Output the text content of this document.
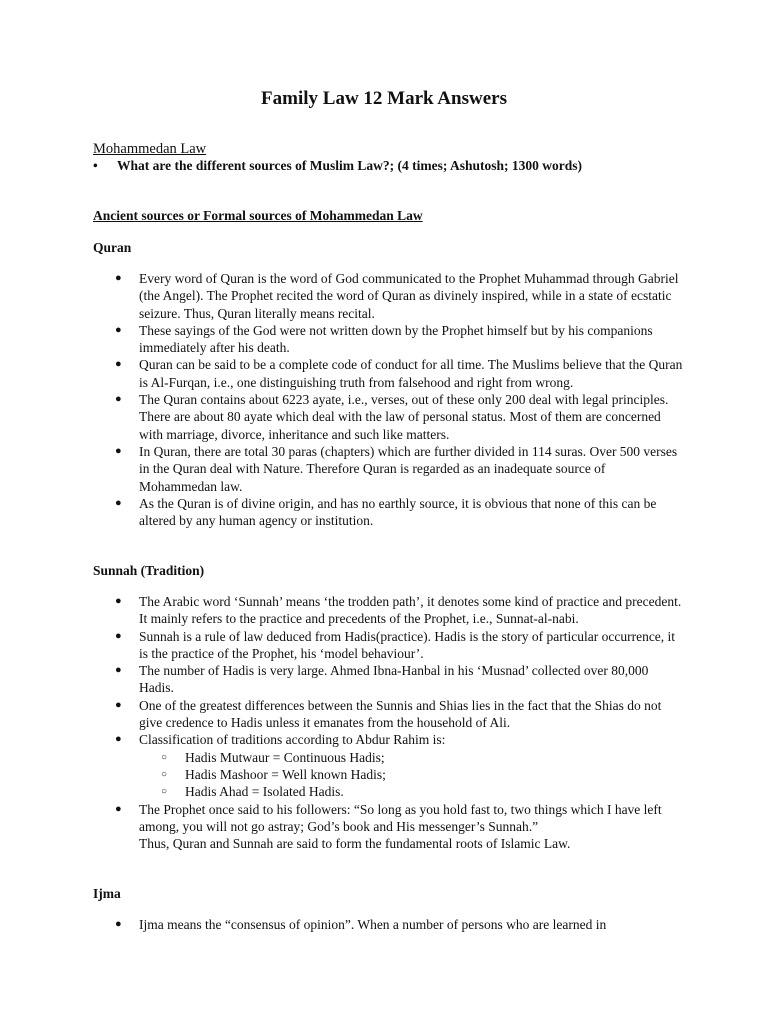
Family Law 12 Mark Answers
Mohammedan Law
• What are the different sources of Muslim Law?; (4 times; Ashutosh; 1300 words)
Ancient sources or Formal sources of Mohammedan Law
Quran
● Every word of Quran is the word of God communicated to the Prophet Muhammad through Gabriel (the Angel). The Prophet recited the word of Quran as divinely inspired, while in a state of ecstatic seizure. Thus, Quran literally means recital.
● These sayings of the God were not written down by the Prophet himself but by his companions immediately after his death.
● Quran can be said to be a complete code of conduct for all time. The Muslims believe that the Quran is Al-Furqan, i.e., one distinguishing truth from falsehood and right from wrong.
● The Quran contains about 6223 ayate, i.e., verses, out of these only 200 deal with legal principles. There are about 80 ayate which deal with the law of personal status. Most of them are concerned with marriage, divorce, inheritance and such like matters.
● In Quran, there are total 30 paras (chapters) which are further divided in 114 suras. Over 500 verses in the Quran deal with Nature. Therefore Quran is regarded as an inadequate source of Mohammedan law.
● As the Quran is of divine origin, and has no earthly source, it is obvious that none of this can be altered by any human agency or institution.
Sunnah (Tradition)
● The Arabic word ‘Sunnah’ means ‘the trodden path’, it denotes some kind of practice and precedent. It mainly refers to the practice and precedents of the Prophet, i.e., Sunnat-al-nabi.
● Sunnah is a rule of law deduced from Hadis(practice). Hadis is the story of particular occurrence, it is the practice of the Prophet, his ‘model behaviour’.
● The number of Hadis is very large. Ahmed Ibna-Hanbal in his ‘Musnad’ collected over 80,000 Hadis.
● One of the greatest differences between the Sunnis and Shias lies in the fact that the Shias do not give credence to Hadis unless it emanates from the household of Ali.
● Classification of traditions according to Abdur Rahim is:
○ Hadis Mutwaur = Continuous Hadis;
○ Hadis Mashoor = Well known Hadis;
○ Hadis Ahad = Isolated Hadis.
● The Prophet once said to his followers: “So long as you hold fast to, two things which I have left among, you will not go astray; God’s book and His messenger’s Sunnah.”
Thus, Quran and Sunnah are said to form the fundamental roots of Islamic Law.
Ijma
● Ijma means the “consensus of opinion”. When a number of persons who are learned in
